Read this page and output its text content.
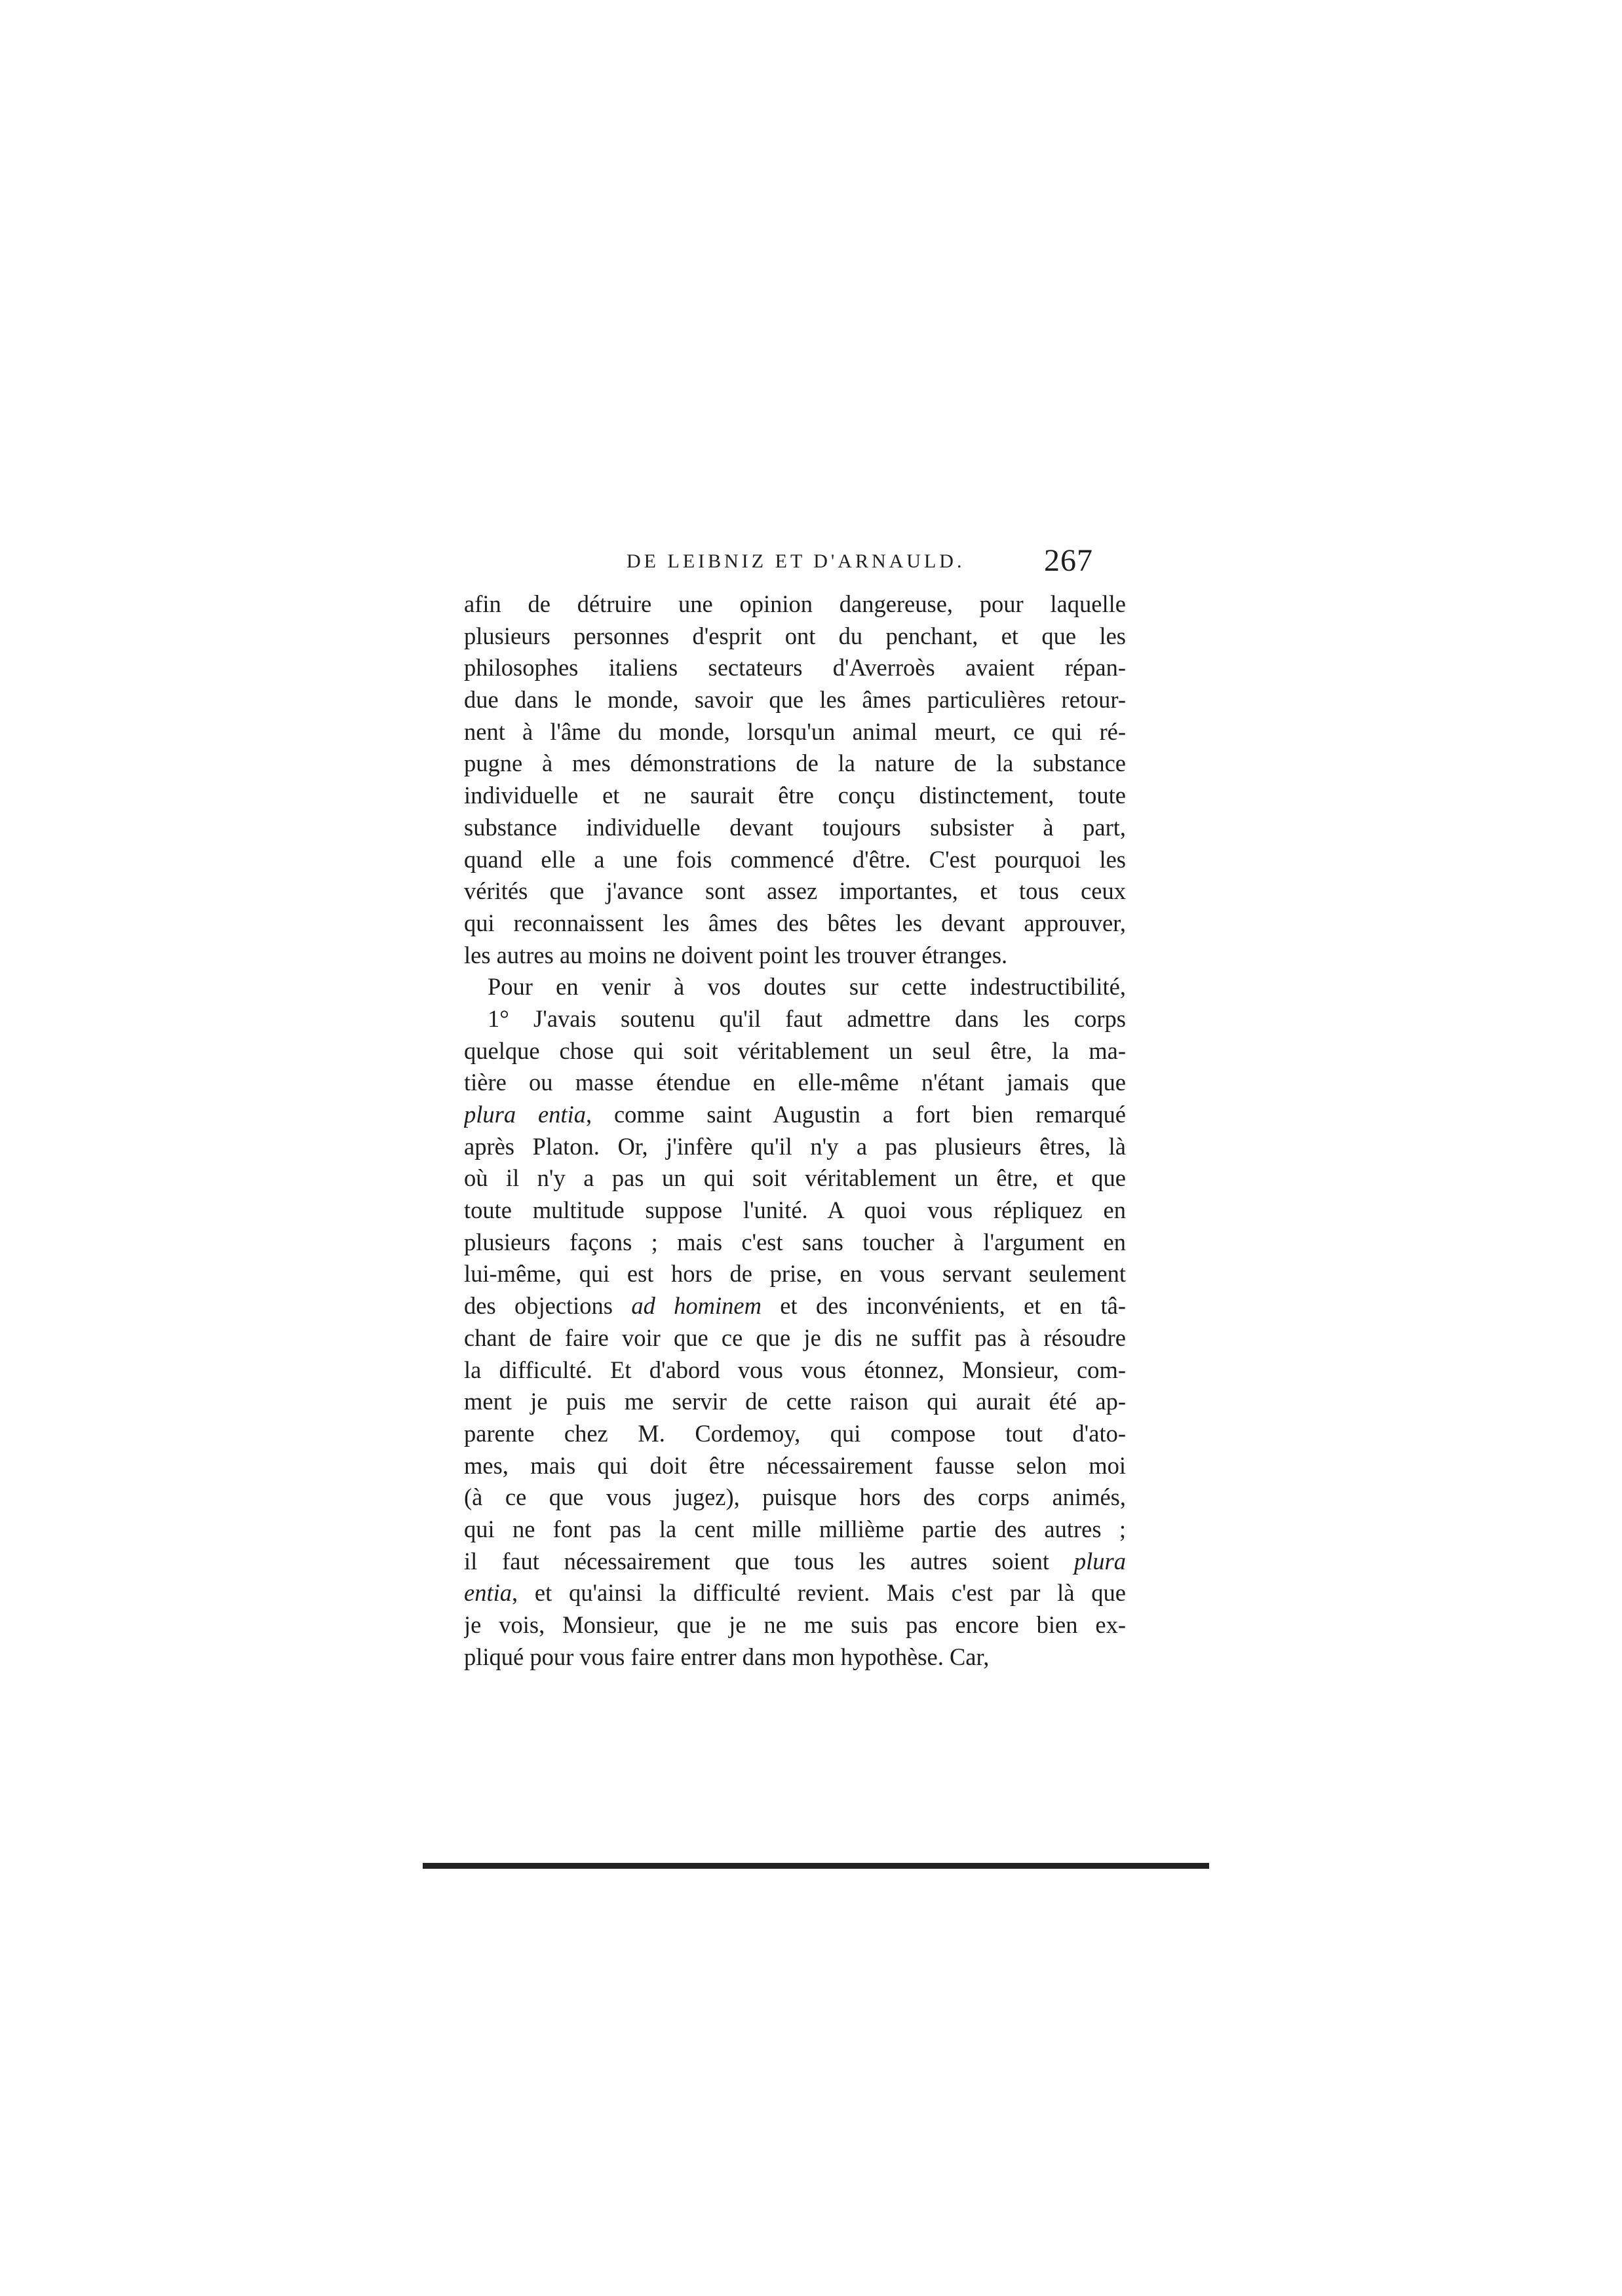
DE LEIBNIZ ET D'ARNAULD.	267
afin de détruire une opinion dangereuse, pour laquelle
plusieurs personnes d'esprit ont du penchant, et que les
philosophes italiens sectateurs d'Averroès avaient répan-
due dans le monde, savoir que les âmes particulières retour-
nent à l'âme du monde, lorsqu'un animal meurt, ce qui ré-
pugne à mes démonstrations de la nature de la substance
individuelle et ne saurait être conçu distinctement, toute
substance individuelle devant toujours subsister à part,
quand elle a une fois commencé d'être. C'est pourquoi les
vérités que j'avance sont assez importantes, et tous ceux
qui reconnaissent les âmes des bêtes les devant approuver,
les autres au moins ne doivent point les trouver étranges.
Pour en venir à vos doutes sur cette indestructibilité,
1° J'avais soutenu qu'il faut admettre dans les corps
quelque chose qui soit véritablement un seul être, la ma-
tière ou masse étendue en elle-même n'étant jamais que
plura entia, comme saint Augustin a fort bien remarqué
après Platon. Or, j'infère qu'il n'y a pas plusieurs êtres, là
où il n'y a pas un qui soit véritablement un être, et que
toute multitude suppose l'unité. A quoi vous répliquez en
plusieurs façons ; mais c'est sans toucher à l'argument en
lui-même, qui est hors de prise, en vous servant seulement
des objections ad hominem et des inconvénients, et en tâ-
chant de faire voir que ce que je dis ne suffit pas à résoudre
la difficulté. Et d'abord vous vous étonnez, Monsieur, com-
ment je puis me servir de cette raison qui aurait été ap-
parente chez M. Cordemoy, qui compose tout d'ato-
mes, mais qui doit être nécessairement fausse selon moi
(à ce que vous jugez), puisque hors des corps animés,
qui ne font pas la cent mille millième partie des autres ;
il faut nécessairement que tous les autres soient plura
entia, et qu'ainsi la difficulté revient. Mais c'est par là que
je vois, Monsieur, que je ne me suis pas encore bien ex-
pliqué pour vous faire entrer dans mon hypothèse. Car,
